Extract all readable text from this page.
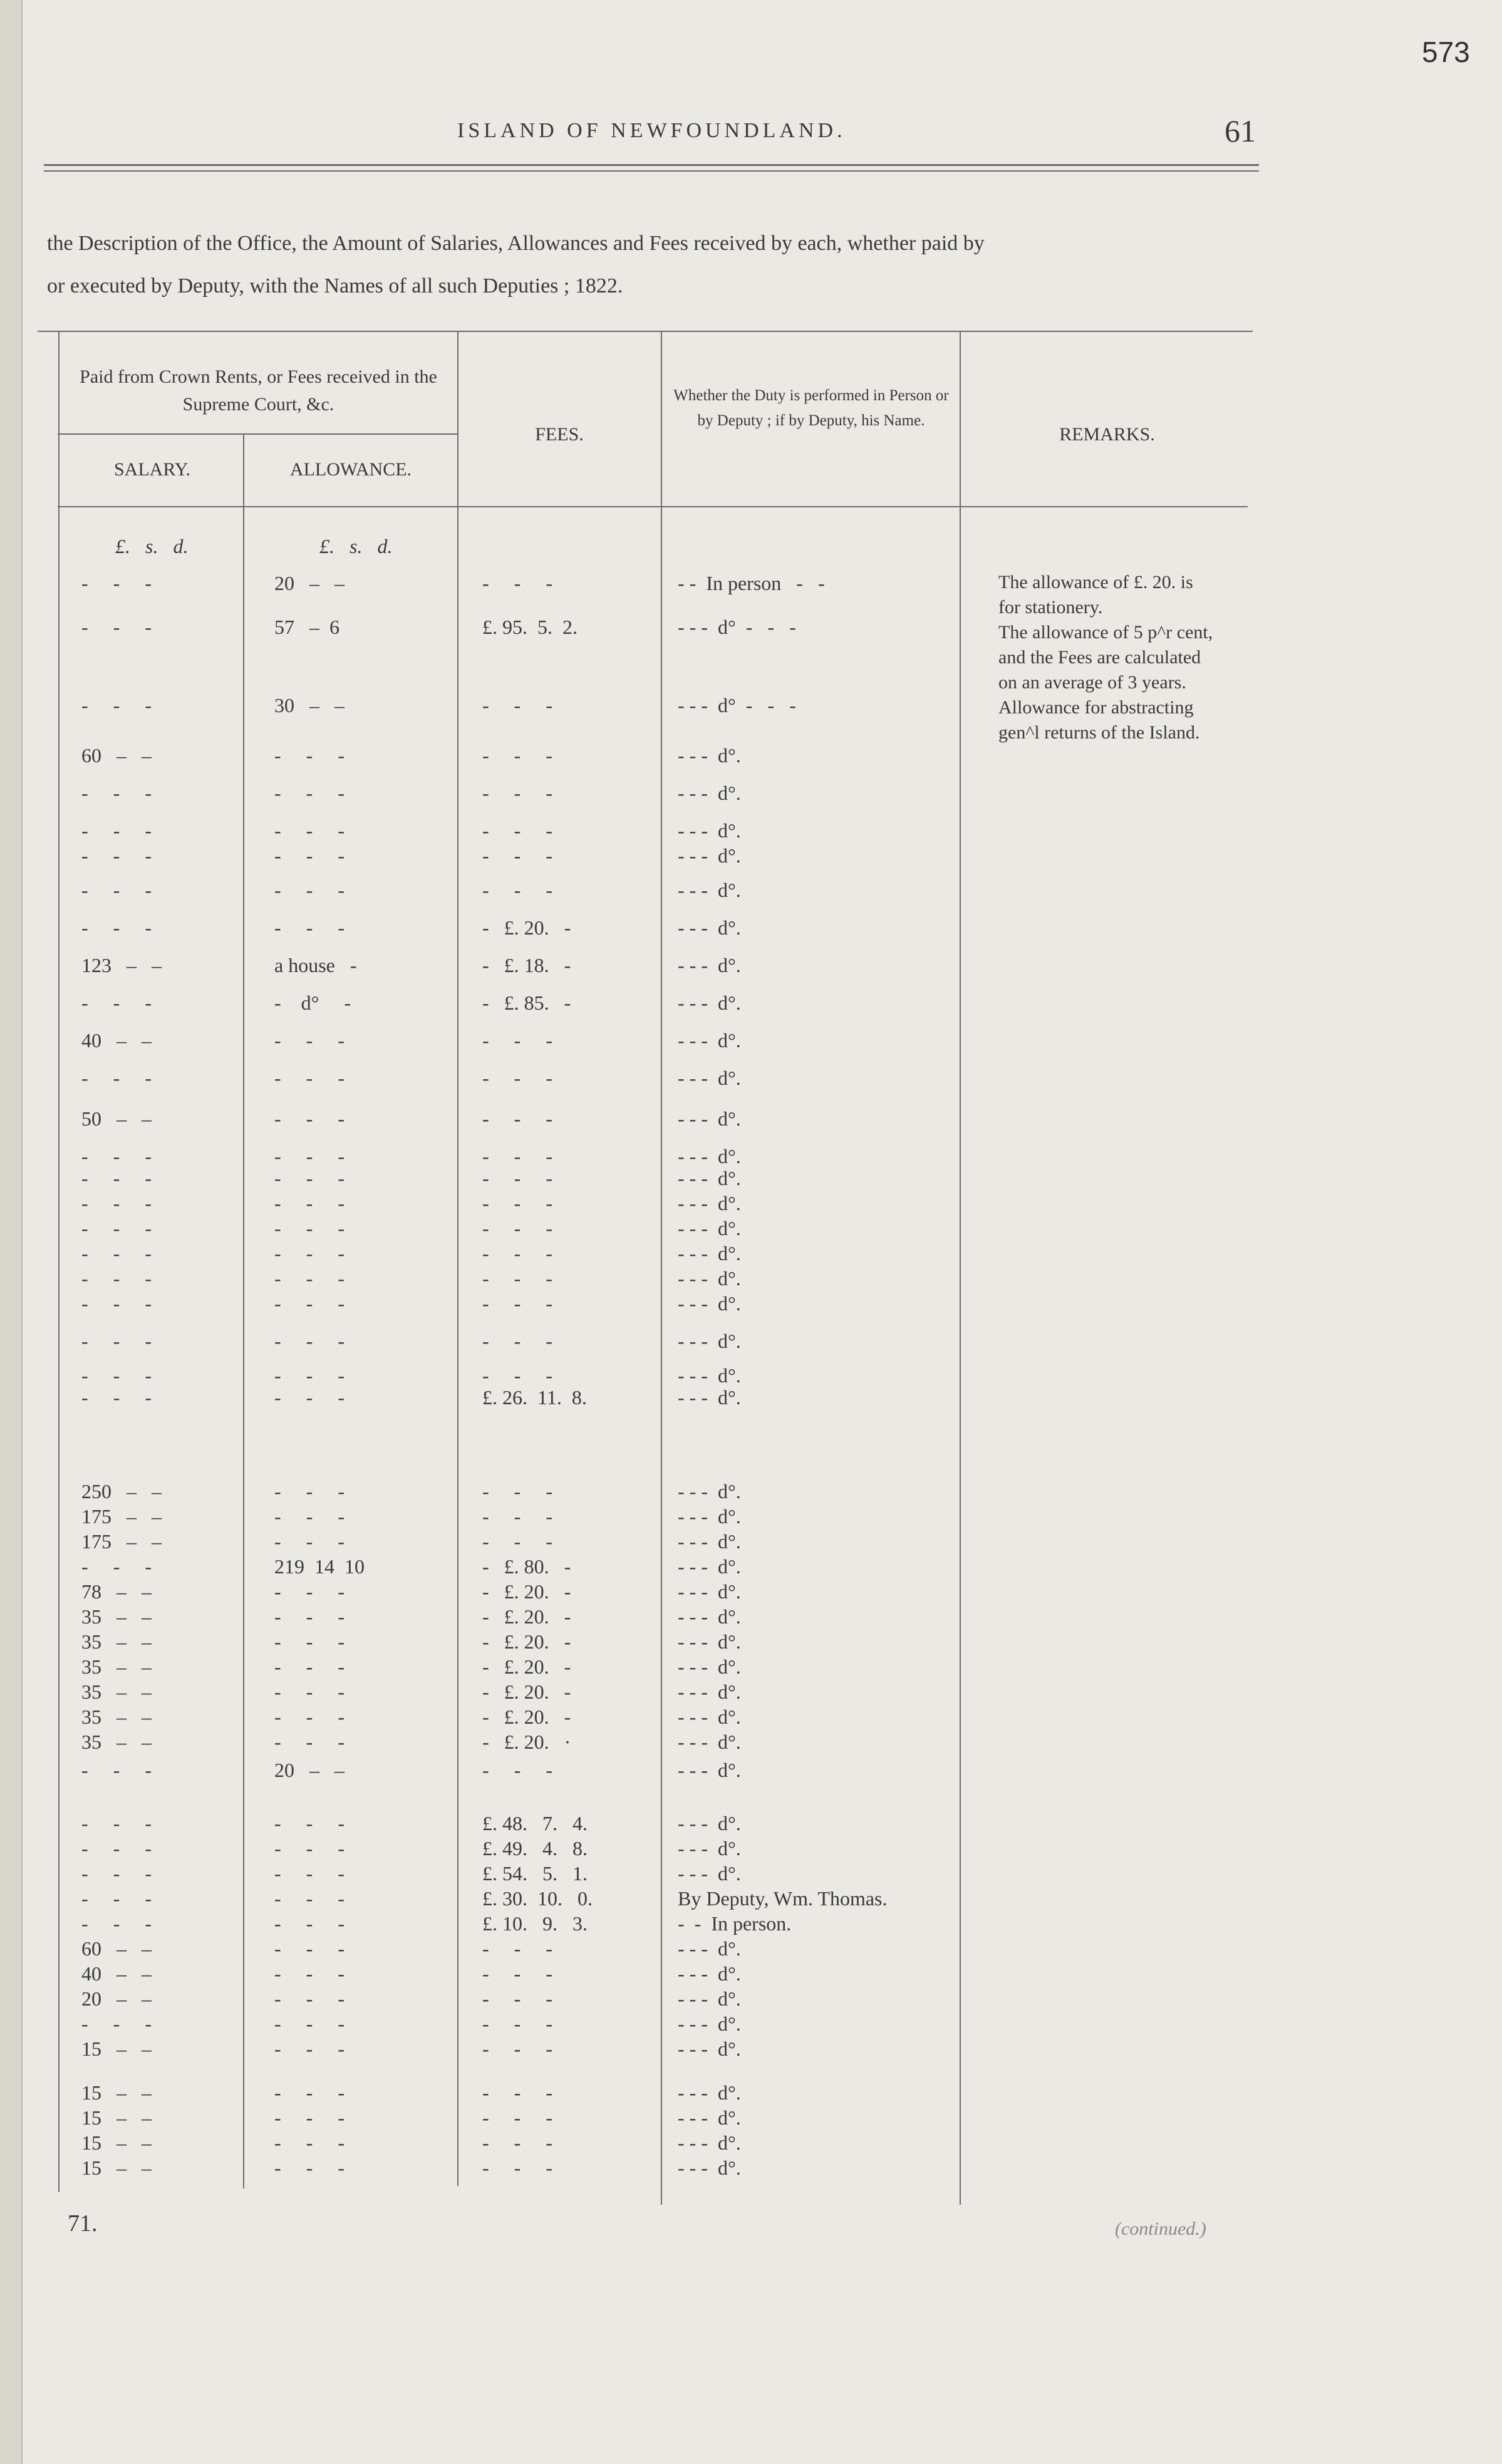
573
ISLAND OF NEWFOUNDLAND.	61
the Description of the Office, the Amount of Salaries, Allowances and Fees received by each, whether paid by
or executed by Deputy, with the Names of all such Deputies ; 1822.
Paid from Crown Rents, or Fees received in the Supreme Court, &c.
SALARY.	ALLOWANCE.
FEES.
Whether the Duty is performed in Person or by Deputy ; if by Deputy, his Name.
REMARKS.
£.   s.   d.	£.   s.   d.
-     -     -	20   –   –	-     -     -	- -  In person   -   -
-     -     -	57   –  6	£. 95.  5.  2.	- - -  d°  -   -   -
-     -     -	30   –   –	-     -     -	- - -  d°  -   -   -
60   –   –	-     -     -	-     -     -	- - -  d°.
-     -     -	-     -     -	-     -     -	- - -  d°.
-     -     -	-     -     -	-     -     -	- - -  d°.
-     -     -	-     -     -	-     -     -	- - -  d°.
-     -     -	-     -     -	-     -     -	- - -  d°.
-     -     -	-     -     -	-   £. 20.   -	- - -  d°.
123   –   –	a house   -	-   £. 18.   -	- - -  d°.
-     -     -	-    d°     -	-   £. 85.   -	- - -  d°.
40   –   –	-     -     -	-     -     -	- - -  d°.
-     -     -	-     -     -	-     -     -	- - -  d°.
50   –   –	-     -     -	-     -     -	- - -  d°.
-     -     -	-     -     -	-     -     -	- - -  d°.
-     -     -	-     -     -	-     -     -	- - -  d°.
-     -     -	-     -     -	-     -     -	- - -  d°.
-     -     -	-     -     -	-     -     -	- - -  d°.
-     -     -	-     -     -	-     -     -	- - -  d°.
-     -     -	-     -     -	-     -     -	- - -  d°.
-     -     -	-     -     -	-     -     -	- - -  d°.
-     -     -	-     -     -	-     -     -	- - -  d°.
-     -     -	-     -     -	-     -     -	- - -  d°.
-     -     -	-     -     -	£. 26.  11.  8.	- - -  d°.
250   –   –	-     -     -	-     -     -	- - -  d°.
175   –   –	-     -     -	-     -     -	- - -  d°.
175   –   –	-     -     -	-     -     -	- - -  d°.
-     -     -	219  14  10	-   £. 80.   -	- - -  d°.
78   –   –	-     -     -	-   £. 20.   -	- - -  d°.
35   –   –	-     -     -	-   £. 20.   -	- - -  d°.
35   –   –	-     -     -	-   £. 20.   -	- - -  d°.
35   –   –	-     -     -	-   £. 20.   -	- - -  d°.
35   –   –	-     -     -	-   £. 20.   -	- - -  d°.
35   –   –	-     -     -	-   £. 20.   -	- - -  d°.
35   –   –	-     -     -	-   £. 20.   ·	- - -  d°.
-     -     -	20   –   –	-     -     -	- - -  d°.
-     -     -	-     -     -	£. 48.   7.   4.	- - -  d°.
-     -     -	-     -     -	£. 49.   4.   8.	- - -  d°.
-     -     -	-     -     -	£. 54.   5.   1.	- - -  d°.
-     -     -	-     -     -	£. 30.  10.   0.	By Deputy, Wm. Thomas.
-     -     -	-     -     -	£. 10.   9.   3.	-  -  In person.
60   –   –	-     -     -	-     -     -	- - -  d°.
40   –   –	-     -     -	-     -     -	- - -  d°.
20   –   –	-     -     -	-     -     -	- - -  d°.
-     -     -	-     -     -	-     -     -	- - -  d°.
15   –   –	-     -     -	-     -     -	- - -  d°.
15   –   –	-     -     -	-     -     -	- - -  d°.
15   –   –	-     -     -	-     -     -	- - -  d°.
15   –   –	-     -     -	-     -     -	- - -  d°.
15   –   –	-     -     -	-     -     -	- - -  d°.
The allowance of £. 20. is
for stationery.
The allowance of 5 p^r cent,
and the Fees are calculated
on an average of 3 years.
Allowance for abstracting
gen^l returns of the Island.
71.	(continued.)
